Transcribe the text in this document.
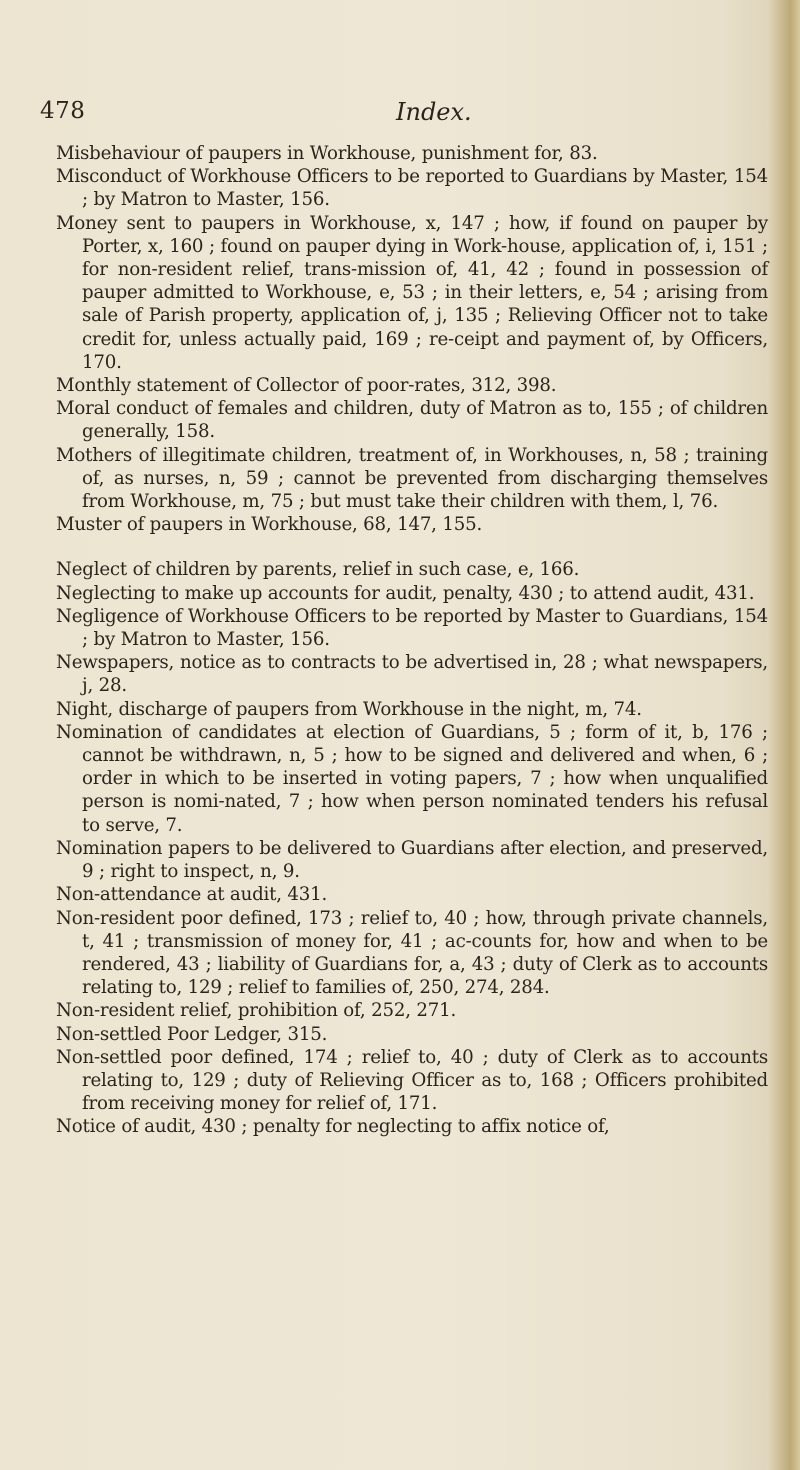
478	Index.

Misbehaviour of paupers in Workhouse, punishment for, 83.

Misconduct of Workhouse Officers to be reported to Guardians by Master, 154 ; by Matron to Master, 156.

Money sent to paupers in Workhouse, x, 147 ; how, if found on pauper by Porter, x, 160 ; found on pauper dying in Work-house, application of, i, 151 ; for non-resident relief, trans-mission of, 41, 42 ; found in possession of pauper admitted to Workhouse, e, 53 ; in their letters, e, 54 ; arising from sale of Parish property, application of, j, 135 ; Relieving Officer not to take credit for, unless actually paid, 169 ; re-ceipt and payment of, by Officers, 170.

Monthly statement of Collector of poor-rates, 312, 398.

Moral conduct of females and children, duty of Matron as to, 155 ; of children generally, 158.

Mothers of illegitimate children, treatment of, in Workhouses, n, 58 ; training of, as nurses, n, 59 ; cannot be prevented from discharging themselves from Workhouse, m, 75 ; but must take their children with them, l, 76.

Muster of paupers in Workhouse, 68, 147, 155.

Neglect of children by parents, relief in such case, e, 166.

Neglecting to make up accounts for audit, penalty, 430 ; to attend audit, 431.

Negligence of Workhouse Officers to be reported by Master to Guardians, 154 ; by Matron to Master, 156.

Newspapers, notice as to contracts to be advertised in, 28 ; what newspapers, j, 28.

Night, discharge of paupers from Workhouse in the night, m, 74.

Nomination of candidates at election of Guardians, 5 ; form of it, b, 176 ; cannot be withdrawn, n, 5 ; how to be signed and delivered and when, 6 ; order in which to be inserted in voting papers, 7 ; how when unqualified person is nomi-nated, 7 ; how when person nominated tenders his refusal to serve, 7.

Nomination papers to be delivered to Guardians after election, and preserved, 9 ; right to inspect, n, 9.

Non-attendance at audit, 431.

Non-resident poor defined, 173 ; relief to, 40 ; how, through private channels, t, 41 ; transmission of money for, 41 ; ac-counts for, how and when to be rendered, 43 ; liability of Guardians for, a, 43 ; duty of Clerk as to accounts relating to, 129 ; relief to families of, 250, 274, 284.

Non-resident relief, prohibition of, 252, 271.

Non-settled Poor Ledger, 315.

Non-settled poor defined, 174 ; relief to, 40 ; duty of Clerk as to accounts relating to, 129 ; duty of Relieving Officer as to, 168 ; Officers prohibited from receiving money for relief of, 171.

Notice of audit, 430 ; penalty for neglecting to affix notice of,
